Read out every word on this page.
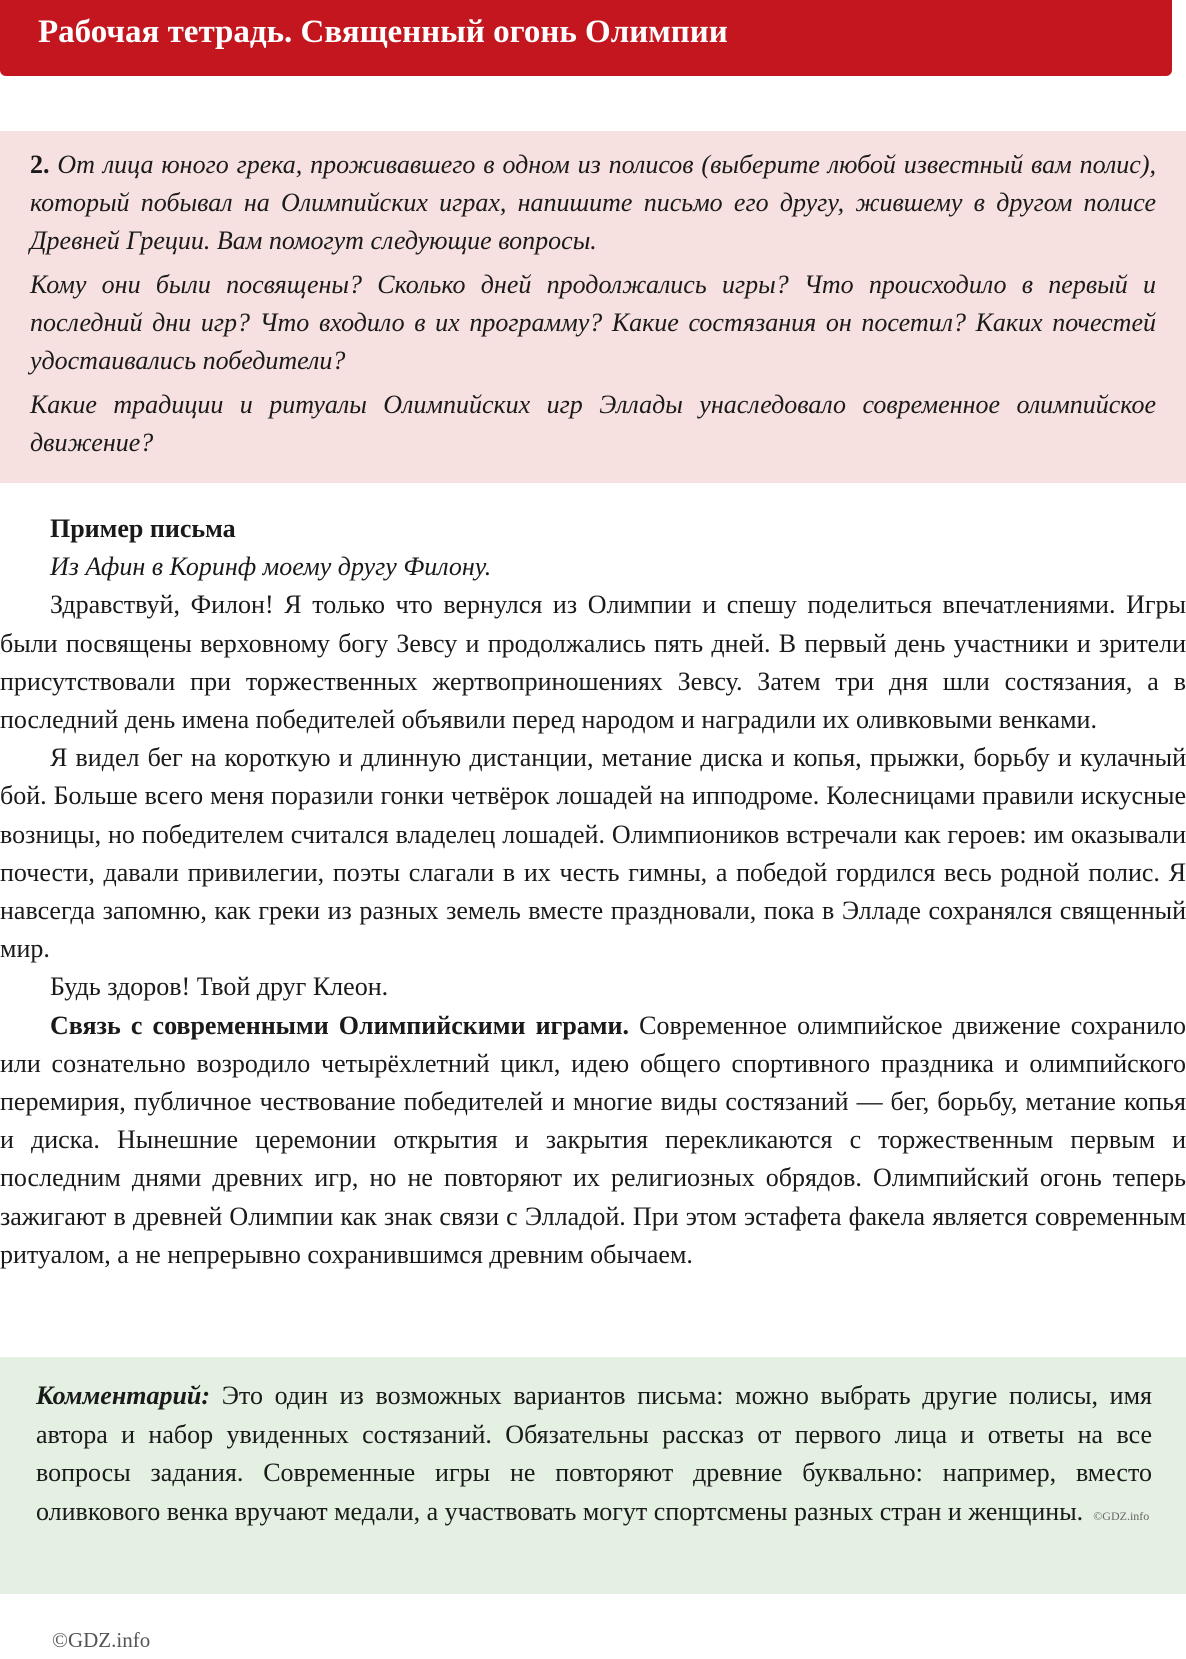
Рабочая тетрадь. Священный огонь Олимпии

2. От лица юного грека, проживавшего в одном из полисов (выберите любой известный вам полис), который побывал на Олимпийских играх, напишите письмо его другу, жившему в другом полисе Древней Греции. Вам помогут следующие вопросы.

Кому они были посвящены? Сколько дней продолжались игры? Что происходило в первый и последний дни игр? Что входило в их программу? Какие состязания он посетил? Каких почестей удостаивались победители?

Какие традиции и ритуалы Олимпийских игр Эллады унаследовало современное олимпийское движение?

Пример письма

Из Афин в Коринф моему другу Филону.

Здравствуй, Филон! Я только что вернулся из Олимпии и спешу поделиться впечатлениями. Игры были посвящены верховному богу Зевсу и продолжались пять дней. В первый день участники и зрители присутствовали при торжественных жертвоприношениях Зевсу. Затем три дня шли состязания, а в последний день имена победителей объявили перед народом и наградили их оливковыми венками.

Я видел бег на короткую и длинную дистанции, метание диска и копья, прыжки, борьбу и кулачный бой. Больше всего меня поразили гонки четвёрок лошадей на ипподроме. Колесницами правили искусные возницы, но победителем считался владелец лошадей. Олимпиоников встречали как героев: им оказывали почести, давали привилегии, поэты слагали в их честь гимны, а победой гордился весь родной полис. Я навсегда запомню, как греки из разных земель вместе праздновали, пока в Элладе сохранялся священный мир.

Будь здоров! Твой друг Клеон.

Связь с современными Олимпийскими играми. Современное олимпийское движение сохранило или сознательно возродило четырёхлетний цикл, идею общего спортивного праздника и олимпийского перемирия, публичное чествование победителей и многие виды состязаний — бег, борьбу, метание копья и диска. Нынешние церемонии открытия и закрытия перекликаются с торжественным первым и последним днями древних игр, но не повторяют их религиозных обрядов. Олимпийский огонь теперь зажигают в древней Олимпии как знак связи с Элладой. При этом эстафета факела является современным ритуалом, а не непрерывно сохранившимся древним обычаем.

Комментарий: Это один из возможных вариантов письма: можно выбрать другие полисы, имя автора и набор увиденных состязаний. Обязательны рассказ от первого лица и ответы на все вопросы задания. Современные игры не повторяют древние буквально: например, вместо оливкового венка вручают медали, а участвовать могут спортсмены разных стран и женщины. ©GDZ.info
©GDZ.info
